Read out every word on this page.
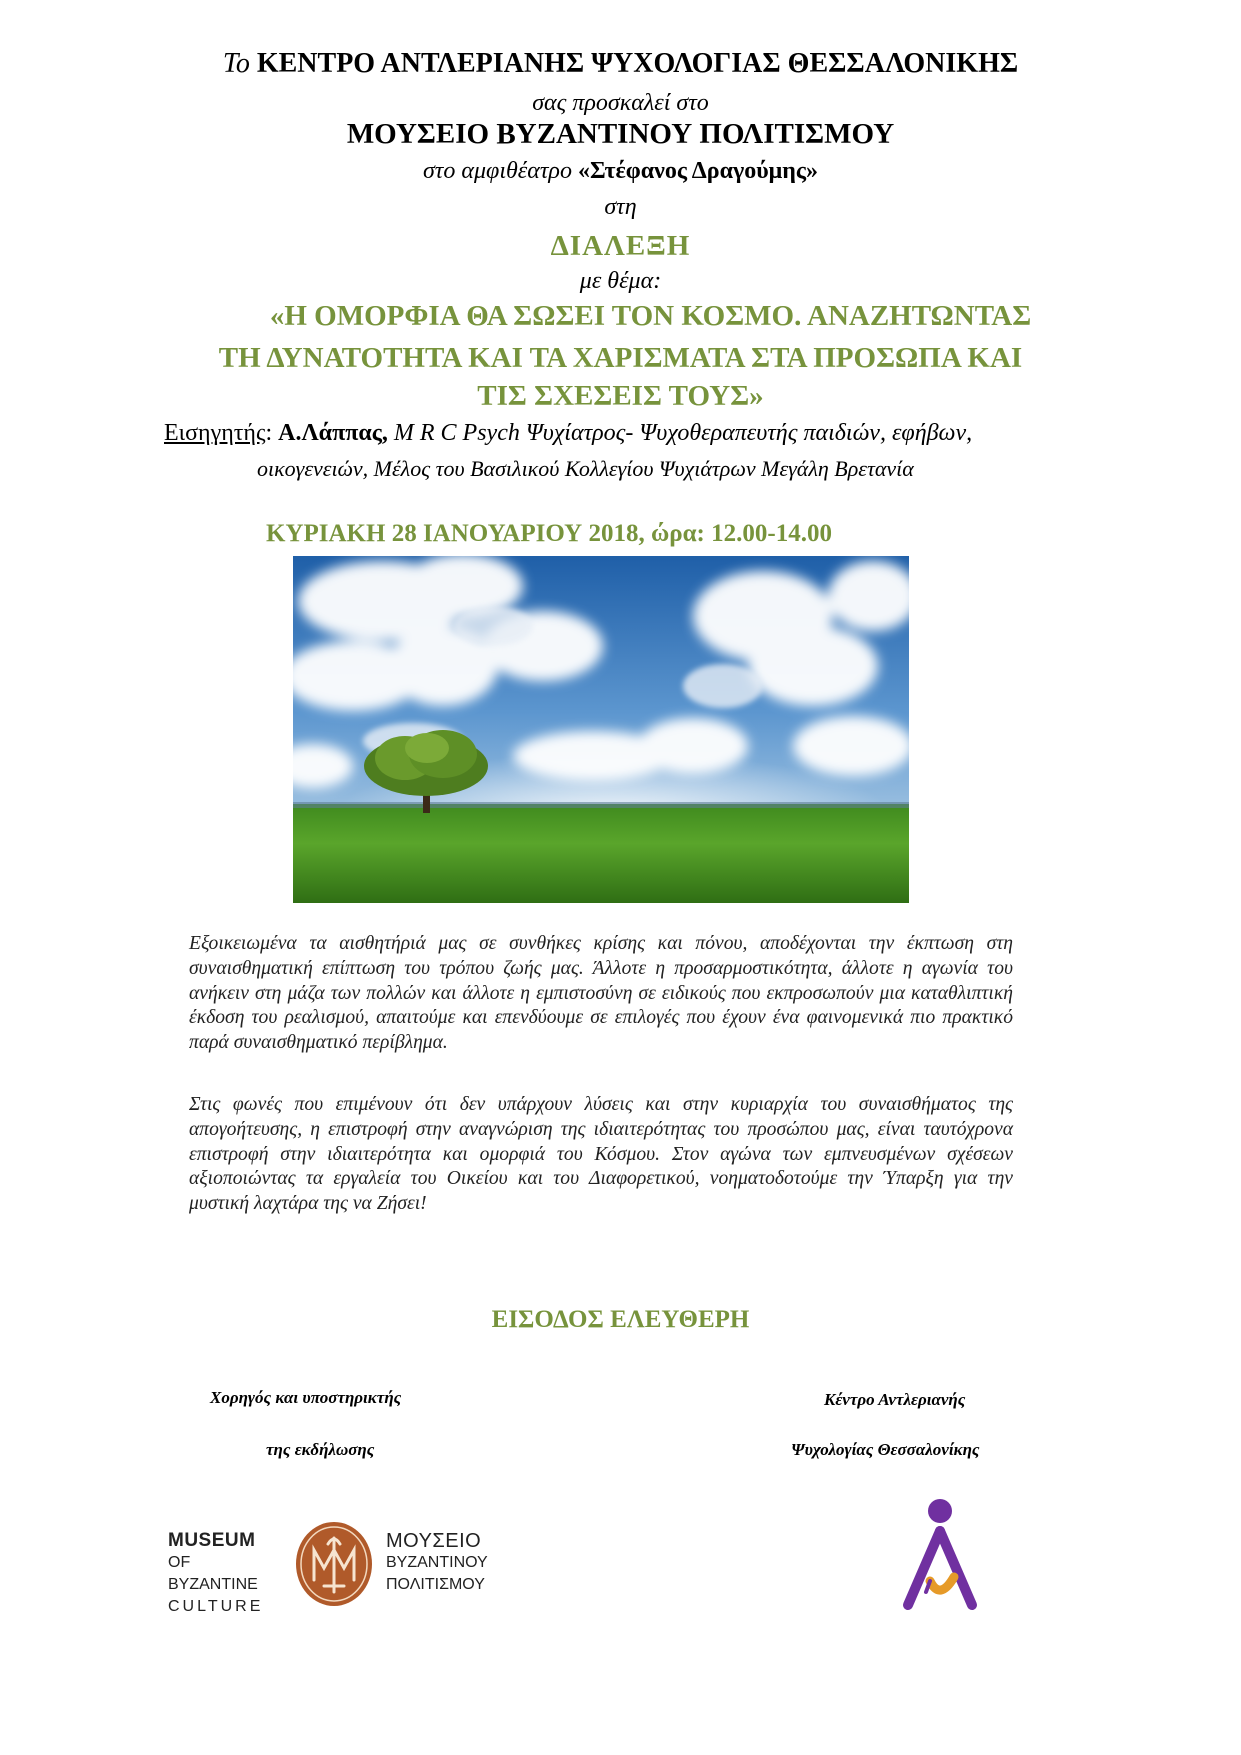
Το ΚΕΝΤΡΟ ΑΝΤΛΕΡΙΑΝΗΣ ΨΥΧΟΛΟΓΙΑΣ ΘΕΣΣΑΛΟΝΙΚΗΣ
σας προσκαλεί στο
ΜΟΥΣΕΙΟ ΒΥΖΑΝΤΙΝΟΥ ΠΟΛΙΤΙΣΜΟΥ
στο αμφιθέατρο «Στέφανος Δραγούμης»
στη
ΔΙΑΛΕΞΗ
με θέμα:
«Η ΟΜΟΡΦΙΑ ΘΑ ΣΩΣΕΙ ΤΟΝ ΚΟΣΜΟ. ΑΝΑΖΗΤΩΝΤΑΣ
ΤΗ ΔΥΝΑΤΟΤΗΤΑ ΚΑΙ ΤΑ ΧΑΡΙΣΜΑΤΑ ΣΤΑ ΠΡΟΣΩΠΑ ΚΑΙ
ΤΙΣ ΣΧΕΣΕΙΣ ΤΟΥΣ»
Εισηγητής: Α.Λάππας, M R C Psych Ψυχίατρος- Ψυχοθεραπευτής παιδιών, εφήβων,
οικογενειών, Μέλος του Βασιλικού Κολλεγίου Ψυχιάτρων Μεγάλη Βρετανία
ΚΥΡΙΑΚΗ 28 ΙΑΝΟΥΑΡΙΟΥ 2018, ώρα: 12.00-14.00
Εξοικειωμένα τα αισθητήριά μας σε συνθήκες κρίσης και πόνου, αποδέχονται την έκπτωση στη συναισθηματική επίπτωση του τρόπου ζωής μας. Άλλοτε η προσαρμοστικότητα, άλλοτε η αγωνία του ανήκειν στη μάζα των πολλών και άλλοτε η εμπιστοσύνη σε ειδικούς που εκπροσωπούν μια καταθλιπτική έκδοση του ρεαλισμού, απαιτούμε και επενδύουμε σε επιλογές που έχουν ένα φαινομενικά πιο πρακτικό παρά συναισθηματικό περίβλημα.
Στις φωνές που επιμένουν ότι δεν υπάρχουν λύσεις και στην κυριαρχία του συναισθήματος της απογοήτευσης, η επιστροφή στην αναγνώριση της ιδιαιτερότητας του προσώπου μας, είναι ταυτόχρονα επιστροφή στην ιδιαιτερότητα και ομορφιά του Κόσμου. Στον αγώνα των εμπνευσμένων σχέσεων αξιοποιώντας τα εργαλεία του Οικείου και του Διαφορετικού, νοηματοδοτούμε την Ύπαρξη για την μυστική λαχτάρα της να Ζήσει!
ΕΙΣΟΔΟΣ ΕΛΕΥΘΕΡΗ
Χορηγός και υποστηρικτής
της εκδήλωσης
Κέντρο Αντλεριανής
Ψυχολογίας Θεσσαλονίκης
MUSEUM
OF BYZANTINE
CULTURE
ΜΟΥΣΕΙΟ
ΒΥΖΑΝΤΙΝΟΥ
ΠΟΛΙΤΙΣΜΟΥ
